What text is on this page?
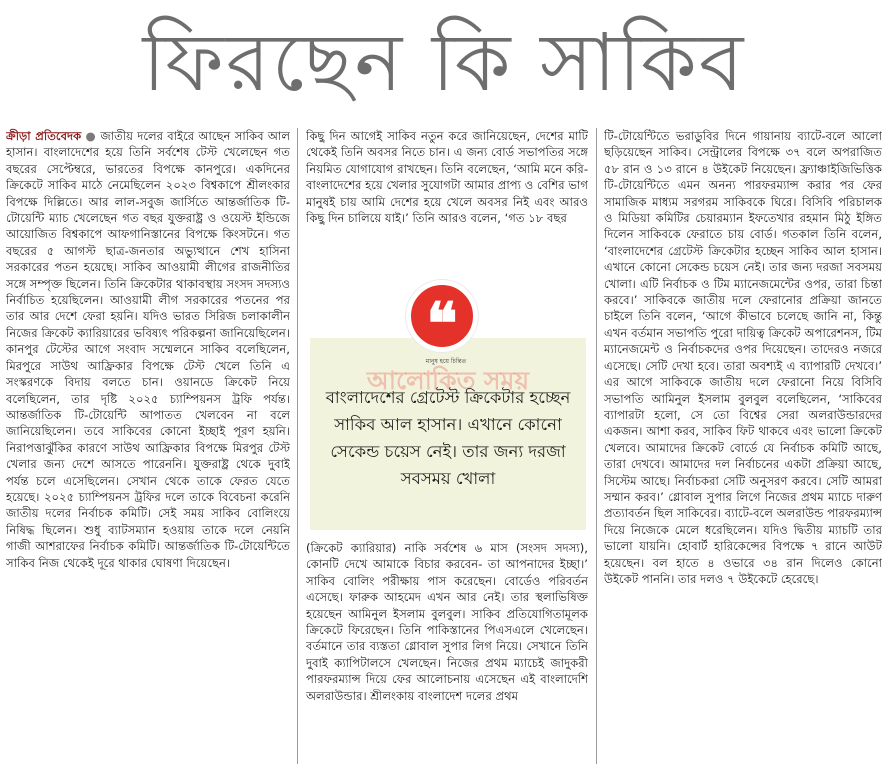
ফিরছেন কি সাকিব

ক্রীড়া প্রতিবেদক ● জাতীয় দলের বাইরে আছেন সাকিব আল হাসান। বাংলাদেশের হয়ে তিনি সর্বশেষ টেস্ট খেলেছেন গত বছরের সেপ্টেম্বরে, ভারতের বিপক্ষে কানপুরে। একদিনের ক্রিকেটে সাকিব মাঠে নেমেছিলেন ২০২৩ বিশ্বকাপে শ্রীলংকার বিপক্ষে দিল্লিতে। আর লাল-সবুজ জার্সিতে আন্তর্জাতিক টি-টোয়েন্টি ম্যাচ খেলেছেন গত বছর যুক্তরাষ্ট্র ও ওয়েস্ট ইন্ডিজে আয়োজিত বিশ্বকাপে আফগানিস্তানের বিপক্ষে কিংসটনে। গত বছরের ৫ আগস্ট ছাত্র-জনতার অভ্যুত্থানে শেখ হাসিনা সরকারের পতন হয়েছে। সাকিব আওয়ামী লীগের রাজনীতির সঙ্গে সম্পৃক্ত ছিলেন। তিনি ক্রিকেটার থাকাবস্থায় সংসদ সদস্যও নির্বাচিত হয়েছিলেন। আওয়ামী লীগ সরকারের পতনের পর তার আর দেশে ফেরা হয়নি। যদিও ভারত সিরিজ চলাকালীন নিজের ক্রিকেট ক্যারিয়ারের ভবিষ্যৎ পরিকল্পনা জানিয়েছিলেন। কানপুর টেস্টের আগে সংবাদ সম্মেলনে সাকিব বলেছিলেন, মিরপুরে সাউথ আফ্রিকার বিপক্ষে টেস্ট খেলে তিনি এ সংস্করণকে বিদায় বলতে চান। ওয়ানডে ক্রিকেট নিয়ে বলেছিলেন, তার দৃষ্টি ২০২৫ চ্যাম্পিয়নস ট্রফি পর্যন্ত। আন্তর্জাতিক টি-টোয়েন্টি আপাতত খেলবেন না বলে জানিয়েছিলেন। তবে সাকিবের কোনো ইচ্ছাই পূরণ হয়নি। নিরাপত্তাঝুঁকির কারণে সাউথ আফ্রিকার বিপক্ষে মিরপুর টেস্ট খেলার জন্য দেশে আসতে পারেননি। যুক্তরাষ্ট্র থেকে দুবাই পর্যন্ত চলে এসেছিলেন। সেখান থেকে তাকে ফেরত যেতে হয়েছে। ২০২৫ চ্যাম্পিয়নস ট্রফির দলে তাকে বিবেচনা করেনি জাতীয় দলের নির্বাচক কমিটি। সেই সময় সাকিব বোলিংয়ে নিষিদ্ধ ছিলেন। শুধু ব্যাটসম্যান হওয়ায় তাকে দলে নেয়নি গাজী আশরাফের নির্বাচক কমিটি। আন্তর্জাতিক টি-টোয়েন্টিতে সাকিব নিজ থেকেই দূরে থাকার ঘোষণা দিয়েছেন।

কিছু দিন আগেই সাকিব নতুন করে জানিয়েছেন, দেশের মাটি থেকেই তিনি অবসর নিতে চান। এ জন্য বোর্ড সভাপতির সঙ্গে নিয়মিত যোগাযোগ রাখছেন। তিনি বলেছেন, ‘আমি মনে করি- বাংলাদেশের হয়ে খেলার সুযোগটা আমার প্রাপ্য ও বেশির ভাগ মানুষই চায় আমি দেশের হয়ে খেলে অবসর নিই এবং আরও কিছু দিন চালিয়ে যাই।’ তিনি আরও বলেন, ‘গত ১৮ বছর

❝
মানুষ হয়ে চিন্তিত
আলোকিত সময়
বাংলাদেশের গ্রেটেস্ট ক্রিকেটার হচ্ছেন সাকিব আল হাসান। এখানে কোনো সেকেন্ড চয়েস নেই। তার জন্য দরজা সবসময় খোলা

(ক্রিকেট ক্যারিয়ার) নাকি সর্বশেষ ৬ মাস (সংসদ সদস্য), কোনটি দেখে আমাকে বিচার করবেন- তা আপনাদের ইচ্ছা।’ সাকিব বোলিং পরীক্ষায় পাস করেছেন। বোর্ডেও পরিবর্তন এসেছে। ফারুক আহমেদ এখন আর নেই। তার স্থলাভিষিক্ত হয়েছেন আমিনুল ইসলাম বুলবুল। সাকিব প্রতিযোগিতামূলক ক্রিকেটে ফিরেছেন। তিনি পাকিস্তানের পিএসএলে খেলেছেন। বর্তমানে তার ব্যস্ততা গ্লোবাল সুপার লিগ নিয়ে। সেখানে তিনি দুবাই ক্যাপিটালসে খেলছেন। নিজের প্রথম ম্যাচেই জাদুকরী পারফরম্যান্স দিয়ে ফের আলোচনায় এসেছেন এই বাংলাদেশি অলরাউন্ডার। শ্রীলংকায় বাংলাদেশ দলের প্রথম

টি-টোয়েন্টিতে ভরাডুবির দিনে গায়ানায় ব্যাটে-বলে আলো ছড়িয়েছেন সাকিব। সেন্ট্রালের বিপক্ষে ৩৭ বলে অপরাজিত ৫৮ রান ও ১৩ রানে ৪ উইকেট নিয়েছেন। ফ্র্যাঞ্চাইজিভিত্তিক টি-টোয়েন্টিতে এমন অনন্য পারফরম্যান্স করার পর ফের সামাজিক মাধ্যম সরগরম সাকিবকে ঘিরে। বিসিবি পরিচালক ও মিডিয়া কমিটির চেয়ারম্যান ইফতেখার রহমান মিঠু ইঙ্গিত দিলেন সাকিবকে ফেরাতে চায় বোর্ড। গতকাল তিনি বলেন, ‘বাংলাদেশের গ্রেটেস্ট ক্রিকেটার হচ্ছেন সাকিব আল হাসান। এখানে কোনো সেকেন্ড চয়েস নেই। তার জন্য দরজা সবসময় খোলা। এটি নির্বাচক ও টিম ম্যানেজমেন্টের ওপর, তারা চিন্তা করবে।’ সাকিবকে জাতীয় দলে ফেরানোর প্রক্রিয়া জানতে চাইলে তিনি বলেন, ‘আগে কীভাবে চলেছে জানি না, কিন্তু এখন বর্তমান সভাপতি পুরো দায়িত্ব ক্রিকেট অপারেশনস, টিম ম্যানেজমেন্ট ও নির্বাচকদের ওপর দিয়েছেন। তাদেরও নজরে এসেছে। সেটি দেখা হবে। তারা অবশ্যই এ ব্যাপারটি দেখবে।’ এর আগে সাকিবকে জাতীয় দলে ফেরানো নিয়ে বিসিবি সভাপতি আমিনুল ইসলাম বুলবুল বলেছিলেন, ‘সাকিবের ব্যাপারটা হলো, সে তো বিশ্বের সেরা অলরাউন্ডারদের একজন। আশা করব, সাকিব ফিট থাকবে এবং ভালো ক্রিকেট খেলবে। আমাদের ক্রিকেট বোর্ডে যে নির্বাচক কমিটি আছে, তারা দেখবে। আমাদের দল নির্বাচনের একটা প্রক্রিয়া আছে, সিস্টেম আছে। নির্বাচকরা সেটি অনুসরণ করবে। সেটি আমরা সম্মান করব।’ গ্লোবাল সুপার লিগে নিজের প্রথম ম্যাচে দারুণ প্রত্যাবর্তন ছিল সাকিবের। ব্যাটে-বলে অলরাউন্ড পারফরম্যান্স দিয়ে নিজেকে মেলে ধরেছিলেন। যদিও দ্বিতীয় ম্যাচটি তার ভালো যায়নি। হোবার্ট হারিকেন্সের বিপক্ষে ৭ রানে আউট হয়েছেন। বল হাতে ৪ ওভারে ৩৪ রান দিলেও কোনো উইকেট পাননি। তার দলও ৭ উইকেটে হেরেছে।
